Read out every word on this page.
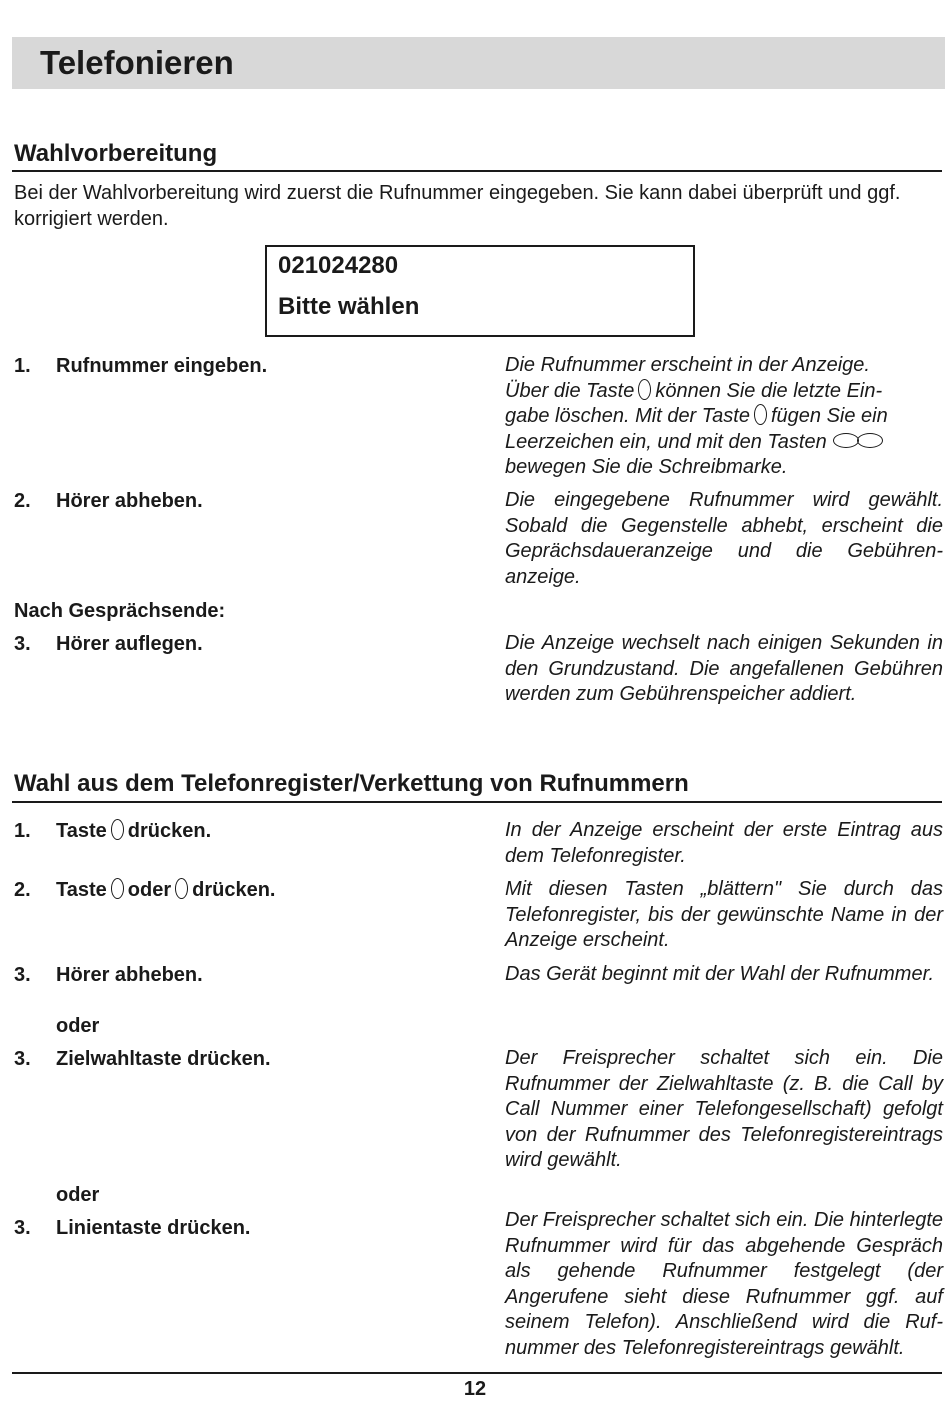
Telefonieren
Wahlvorbereitung
Bei der Wahlvorbereitung wird zuerst die Rufnummer eingegeben. Sie kann dabei überprüft und ggf. korrigiert werden.
021024280
Bitte wählen
1. Rufnummer eingeben.	Die Rufnummer erscheint in der Anzeige.
Über die Taste können Sie die letzte Ein-
gabe löschen. Mit der Taste fügen Sie ein
Leerzeichen ein, und mit den Tasten
bewegen Sie die Schreibmarke.
2. Hörer abheben.	Die eingegebene Rufnummer wird gewählt. Sobald die Gegenstelle abhebt, erscheint die Geprächsdaueranzeige und die Gebührenanzeige.
Nach Gesprächsende:
3. Hörer auflegen.	Die Anzeige wechselt nach einigen Sekunden in den Grundzustand. Die angefallenen Gebühren werden zum Gebührenspeicher addiert.
Wahl aus dem Telefonregister/Verkettung von Rufnummern
1. Taste drücken.	In der Anzeige erscheint der erste Eintrag aus dem Telefonregister.
2. Taste oder drücken.	Mit diesen Tasten „blättern" Sie durch das Telefonregister, bis der gewünschte Name in der Anzeige erscheint.
3. Hörer abheben.	Das Gerät beginnt mit der Wahl der Rufnummer.
oder
3. Zielwahltaste drücken.	Der Freisprecher schaltet sich ein. Die Rufnummer der Zielwahltaste (z. B. die Call by Call Nummer einer Telefongesellschaft) gefolgt von der Rufnummer des Telefonregistereintrags wird gewählt.
oder
3. Linientaste drücken.	Der Freisprecher schaltet sich ein. Die hinterlegte Rufnummer wird für das abgehende Gespräch als gehende Rufnummer festgelegt (der Angerufene sieht diese Rufnummer ggf. auf seinem Telefon). Anschließend wird die Rufnummer des Telefonregistereintrags gewählt.
12
